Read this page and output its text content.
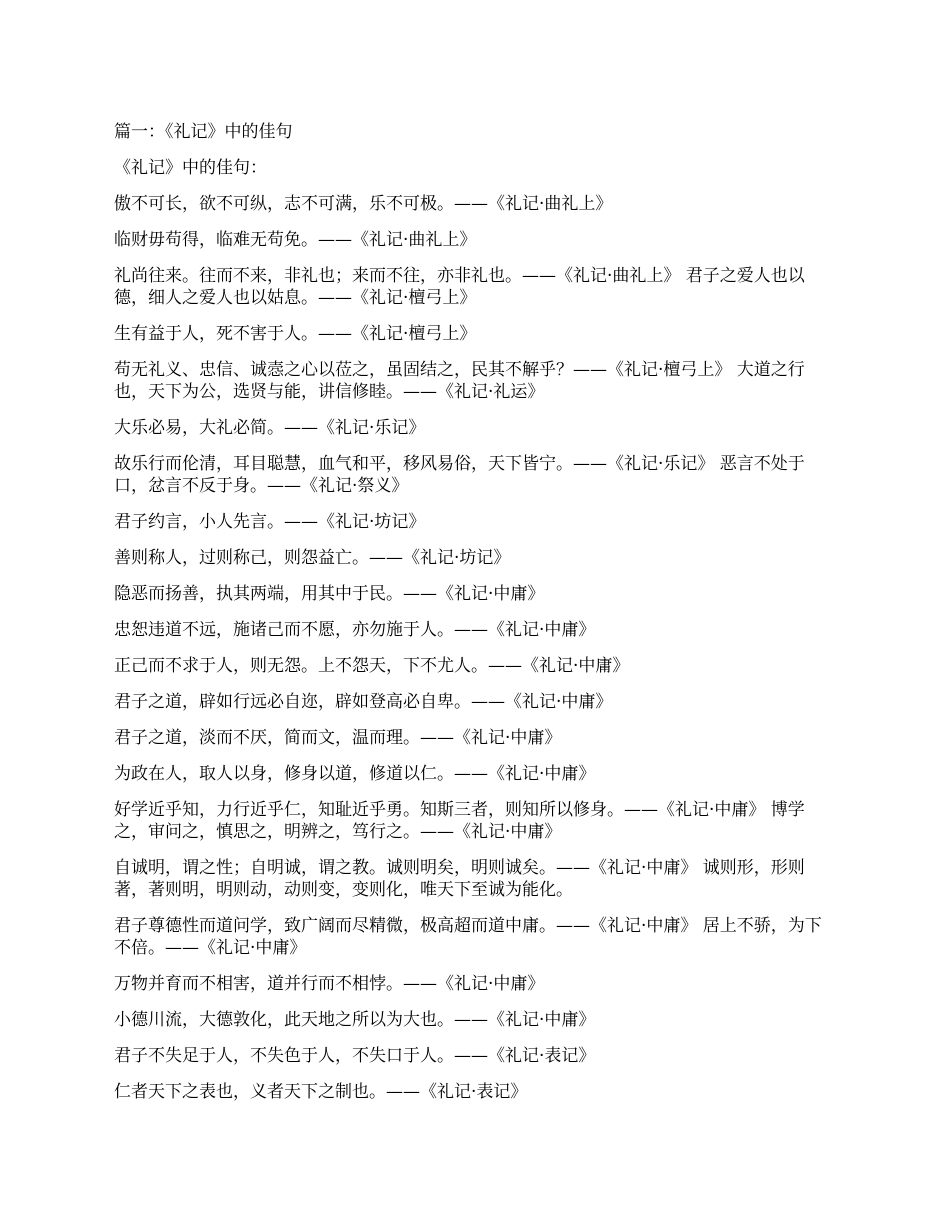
篇一：《礼记》中的佳句

《礼记》中的佳句：

傲不可长，欲不可纵，志不可满，乐不可极。——《礼记·曲礼上》

临财毋苟得，临难无苟免。——《礼记·曲礼上》

礼尚往来。往而不来，非礼也；来而不往，亦非礼也。——《礼记·曲礼上》 君子之爱人也以德，细人之爱人也以姑息。——《礼记·檀弓上》

生有益于人，死不害于人。——《礼记·檀弓上》

苟无礼义、忠信、诚悫之心以莅之，虽固结之，民其不解乎？——《礼记·檀弓上》 大道之行也，天下为公，选贤与能，讲信修睦。——《礼记·礼运》

大乐必易，大礼必简。——《礼记·乐记》

故乐行而伦清，耳目聪慧，血气和平，移风易俗，天下皆宁。——《礼记·乐记》 恶言不处于口，忿言不反于身。——《礼记·祭义》

君子约言，小人先言。——《礼记·坊记》

善则称人，过则称己，则怨益亡。——《礼记·坊记》

隐恶而扬善，执其两端，用其中于民。——《礼记·中庸》

忠恕违道不远，施诸己而不愿，亦勿施于人。——《礼记·中庸》

正己而不求于人，则无怨。上不怨天，下不尤人。——《礼记·中庸》

君子之道，辟如行远必自迩，辟如登高必自卑。——《礼记·中庸》

君子之道，淡而不厌，简而文，温而理。——《礼记·中庸》

为政在人，取人以身，修身以道，修道以仁。——《礼记·中庸》

好学近乎知，力行近乎仁，知耻近乎勇。知斯三者，则知所以修身。——《礼记·中庸》 博学之，审问之，慎思之，明辨之，笃行之。——《礼记·中庸》

自诚明，谓之性；自明诚，谓之教。诚则明矣，明则诚矣。——《礼记·中庸》 诚则形，形则著，著则明，明则动，动则变，变则化，唯天下至诚为能化。

君子尊德性而道问学，致广阔而尽精微，极高超而道中庸。——《礼记·中庸》 居上不骄，为下不倍。——《礼记·中庸》

万物并育而不相害，道并行而不相悖。——《礼记·中庸》

小德川流，大德敦化，此天地之所以为大也。——《礼记·中庸》

君子不失足于人，不失色于人，不失口于人。——《礼记·表记》

仁者天下之表也，义者天下之制也。——《礼记·表记》
